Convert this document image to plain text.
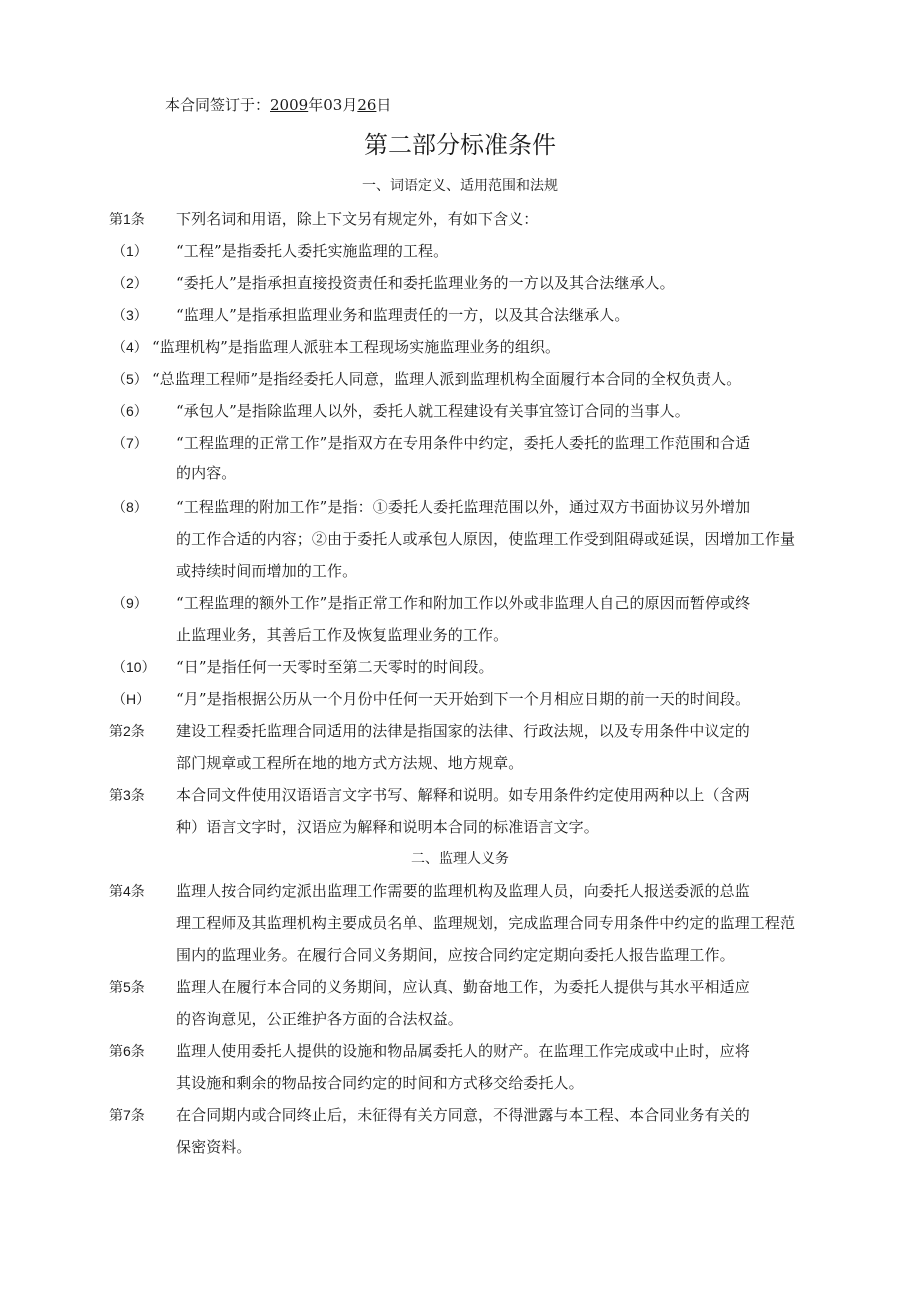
本合同签订于：2009年03月26日
第二部分标准条件
一、词语定义、适用范围和法规
第1条 下列名词和用语，除上下文另有规定外，有如下含义：
（1） “工程”是指委托人委托实施监理的工程。
（2） “委托人”是指承担直接投资责任和委托监理业务的一方以及其合法继承人。
（3） “监理人”是指承担监理业务和监理责任的一方，以及其合法继承人。
（4） “监理机构”是指监理人派驻本工程现场实施监理业务的组织。
（5） “总监理工程师”是指经委托人同意，监理人派到监理机构全面履行本合同的全权负责人。
（6） “承包人”是指除监理人以外，委托人就工程建设有关事宜签订合同的当事人。
（7） “工程监理的正常工作”是指双方在专用条件中约定，委托人委托的监理工作范围和合适
的内容。
（8） “工程监理的附加工作”是指：①委托人委托监理范围以外，通过双方书面协议另外增加
的工作合适的内容；②由于委托人或承包人原因，使监理工作受到阻碍或延误，因增加工作量
或持续时间而增加的工作。
（9） “工程监理的额外工作”是指正常工作和附加工作以外或非监理人自己的原因而暂停或终
止监理业务，其善后工作及恢复监理业务的工作。
（10） “日”是指任何一天零时至第二天零时的时间段。
（H） “月”是指根据公历从一个月份中任何一天开始到下一个月相应日期的前一天的时间段。
第2条 建设工程委托监理合同适用的法律是指国家的法律、行政法规，以及专用条件中议定的
部门规章或工程所在地的地方式方法规、地方规章。
第3条 本合同文件使用汉语语言文字书写、解释和说明。如专用条件约定使用两种以上（含两
种）语言文字时，汉语应为解释和说明本合同的标准语言文字。
二、监理人义务
第4条 监理人按合同约定派出监理工作需要的监理机构及监理人员，向委托人报送委派的总监
理工程师及其监理机构主要成员名单、监理规划，完成监理合同专用条件中约定的监理工程范
围内的监理业务。在履行合同义务期间，应按合同约定定期向委托人报告监理工作。
第5条 监理人在履行本合同的义务期间，应认真、勤奋地工作，为委托人提供与其水平相适应
的咨询意见，公正维护各方面的合法权益。
第6条 监理人使用委托人提供的设施和物品属委托人的财产。在监理工作完成或中止时，应将
其设施和剩余的物品按合同约定的时间和方式移交给委托人。
第7条 在合同期内或合同终止后，未征得有关方同意，不得泄露与本工程、本合同业务有关的
保密资料。
